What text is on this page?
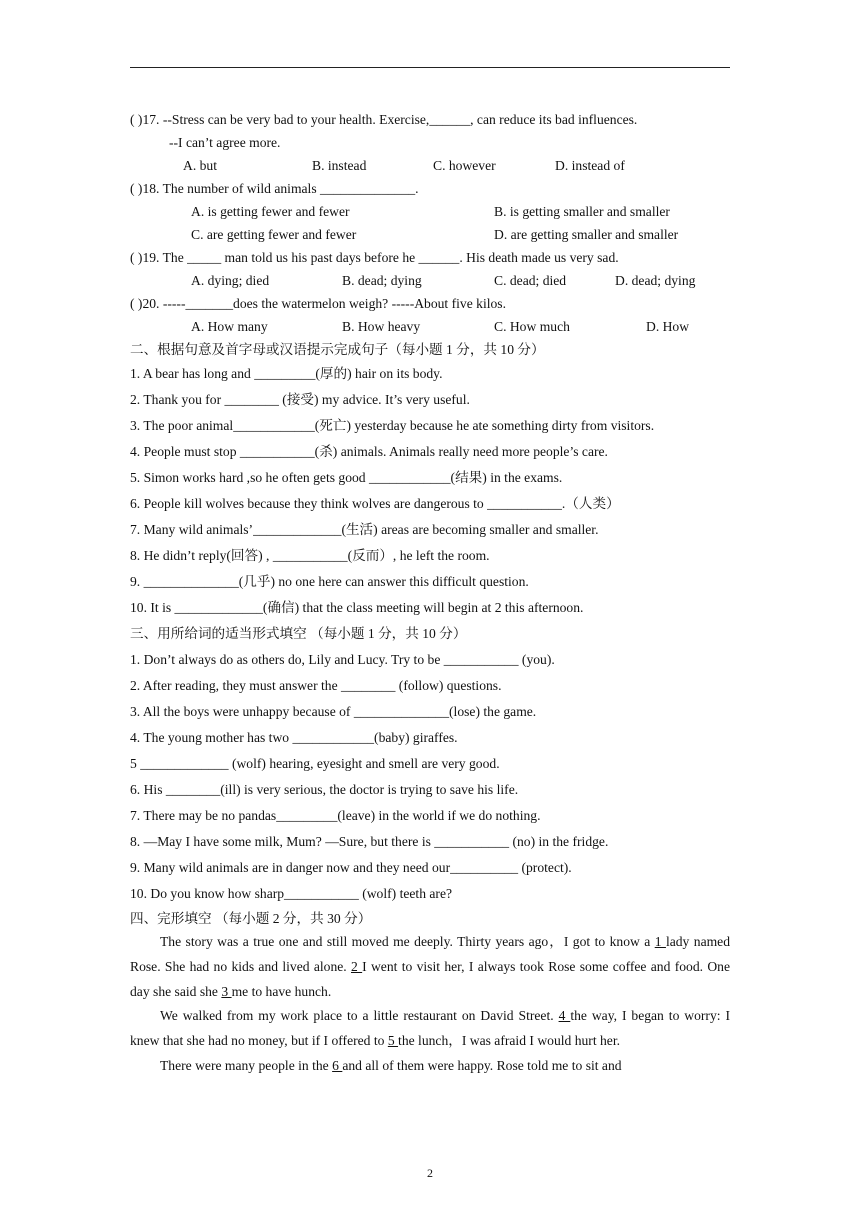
( )17. --Stress can be very bad to your health. Exercise,______, can reduce its bad influences.
--I can’t agree more.
A. but	B. instead	C. however	D. instead of
( )18. The number of wild animals ______________.
A. is getting fewer and fewer	B. is getting smaller and smaller
C. are getting fewer and fewer	D. are getting smaller and smaller
( )19. The _____ man told us his past days before he ______. His death made us very sad.
A. dying; died	B. dead; dying	C. dead; died	D. dead; dying
( )20. -----_______does the watermelon weigh? -----About five kilos.
A. How many	B. How heavy	C. How much	D. How
二、根据句意及首字母或汉语提示完成句子（每小题 1 分，共 10 分）
1. A bear has long and _________(厚的) hair on its body.
2. Thank you for ________ (接受) my advice. It’s very useful.
3. The poor animal____________(死亡) yesterday because he ate something dirty from visitors.
4. People must stop ___________(杀) animals. Animals really need more people’s care.
5. Simon works hard ,so he often gets good ____________(结果) in the exams.
6. People kill wolves because they think wolves are dangerous to ___________.（人类）
7. Many wild animals’_____________(生活) areas are becoming smaller and smaller.
8. He didn’t reply(回答) , ___________(反而）, he left the room.
9. ______________(几乎) no one here can answer this difficult question.
10. It is _____________(确信) that the class meeting will begin at 2 this afternoon.
三、用所给词的适当形式填空 （每小题 1 分，共 10 分）
1. Don’t always do as others do, Lily and Lucy. Try to be ___________ (you).
2. After reading, they must answer the ________ (follow) questions.
3. All the boys were unhappy because of ______________(lose) the game.
4. The young mother has two ____________(baby) giraffes.
5 _____________ (wolf) hearing, eyesight and smell are very good.
6. His ________(ill) is very serious, the doctor is trying to save his life.
7. There may be no pandas_________(leave) in the world if we do nothing.
8. —May I have some milk, Mum? —Sure, but there is ___________ (no) in the fridge.
9. Many wild animals are in danger now and they need our__________ (protect).
10. Do you know how sharp___________ (wolf) teeth are?
四、完形填空 （每小题 2 分，共 30 分）

The story was a true one and still moved me deeply. Thirty years ago，I got to know a 1 lady named Rose. She had no kids and lived alone. 2 I went to visit her, I always took Rose some coffee and food. One day she said she 3 me to have hunch.

We walked from my work place to a little restaurant on David Street. 4 the way, I began to worry: I knew that she had no money, but if I offered to 5 the lunch，I was afraid I would hurt her.

There were many people in the 6 and all of them were happy. Rose told me to sit and

2
